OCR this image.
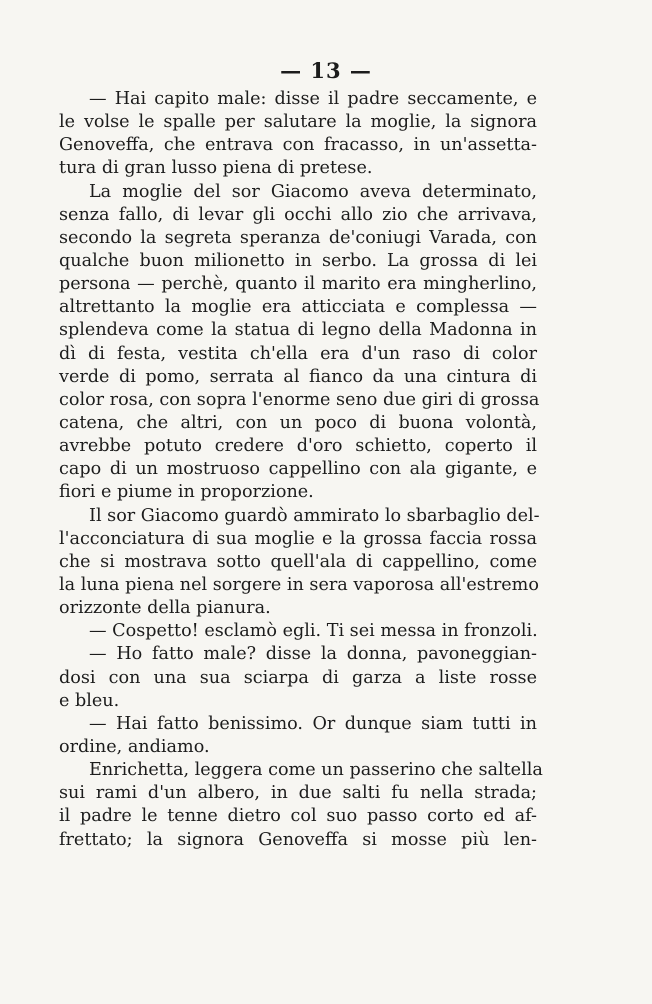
— 13 —
— Hai capito male: disse il padre seccamente, e
le volse le spalle per salutare la moglie, la signora
Genoveffa, che entrava con fracasso, in un'assetta-
tura di gran lusso piena di pretese.
La moglie del sor Giacomo aveva determinato,
senza fallo, di levar gli occhi allo zio che arrivava,
secondo la segreta speranza de'coniugi Varada, con
qualche buon milionetto in serbo. La grossa di lei
persona — perchè, quanto il marito era mingherlino,
altrettanto la moglie era atticciata e complessa —
splendeva come la statua di legno della Madonna in
dì di festa, vestita ch'ella era d'un raso di color
verde di pomo, serrata al fianco da una cintura di
color rosa, con sopra l'enorme seno due giri di grossa
catena, che altri, con un poco di buona volontà,
avrebbe potuto credere d'oro schietto, coperto il
capo di un mostruoso cappellino con ala gigante, e
fiori e piume in proporzione.
Il sor Giacomo guardò ammirato lo sbarbaglio del-
l'acconciatura di sua moglie e la grossa faccia rossa
che si mostrava sotto quell'ala di cappellino, come
la luna piena nel sorgere in sera vaporosa all'estremo
orizzonte della pianura.
— Cospetto! esclamò egli. Ti sei messa in fronzoli.
— Ho fatto male? disse la donna, pavoneggian-
dosi con una sua sciarpa di garza a liste rosse
e bleu.
— Hai fatto benissimo. Or dunque siam tutti in
ordine, andiamo.
Enrichetta, leggera come un passerino che saltella
sui rami d'un albero, in due salti fu nella strada;
il padre le tenne dietro col suo passo corto ed af-
frettato; la signora Genoveffa si mosse più len-
